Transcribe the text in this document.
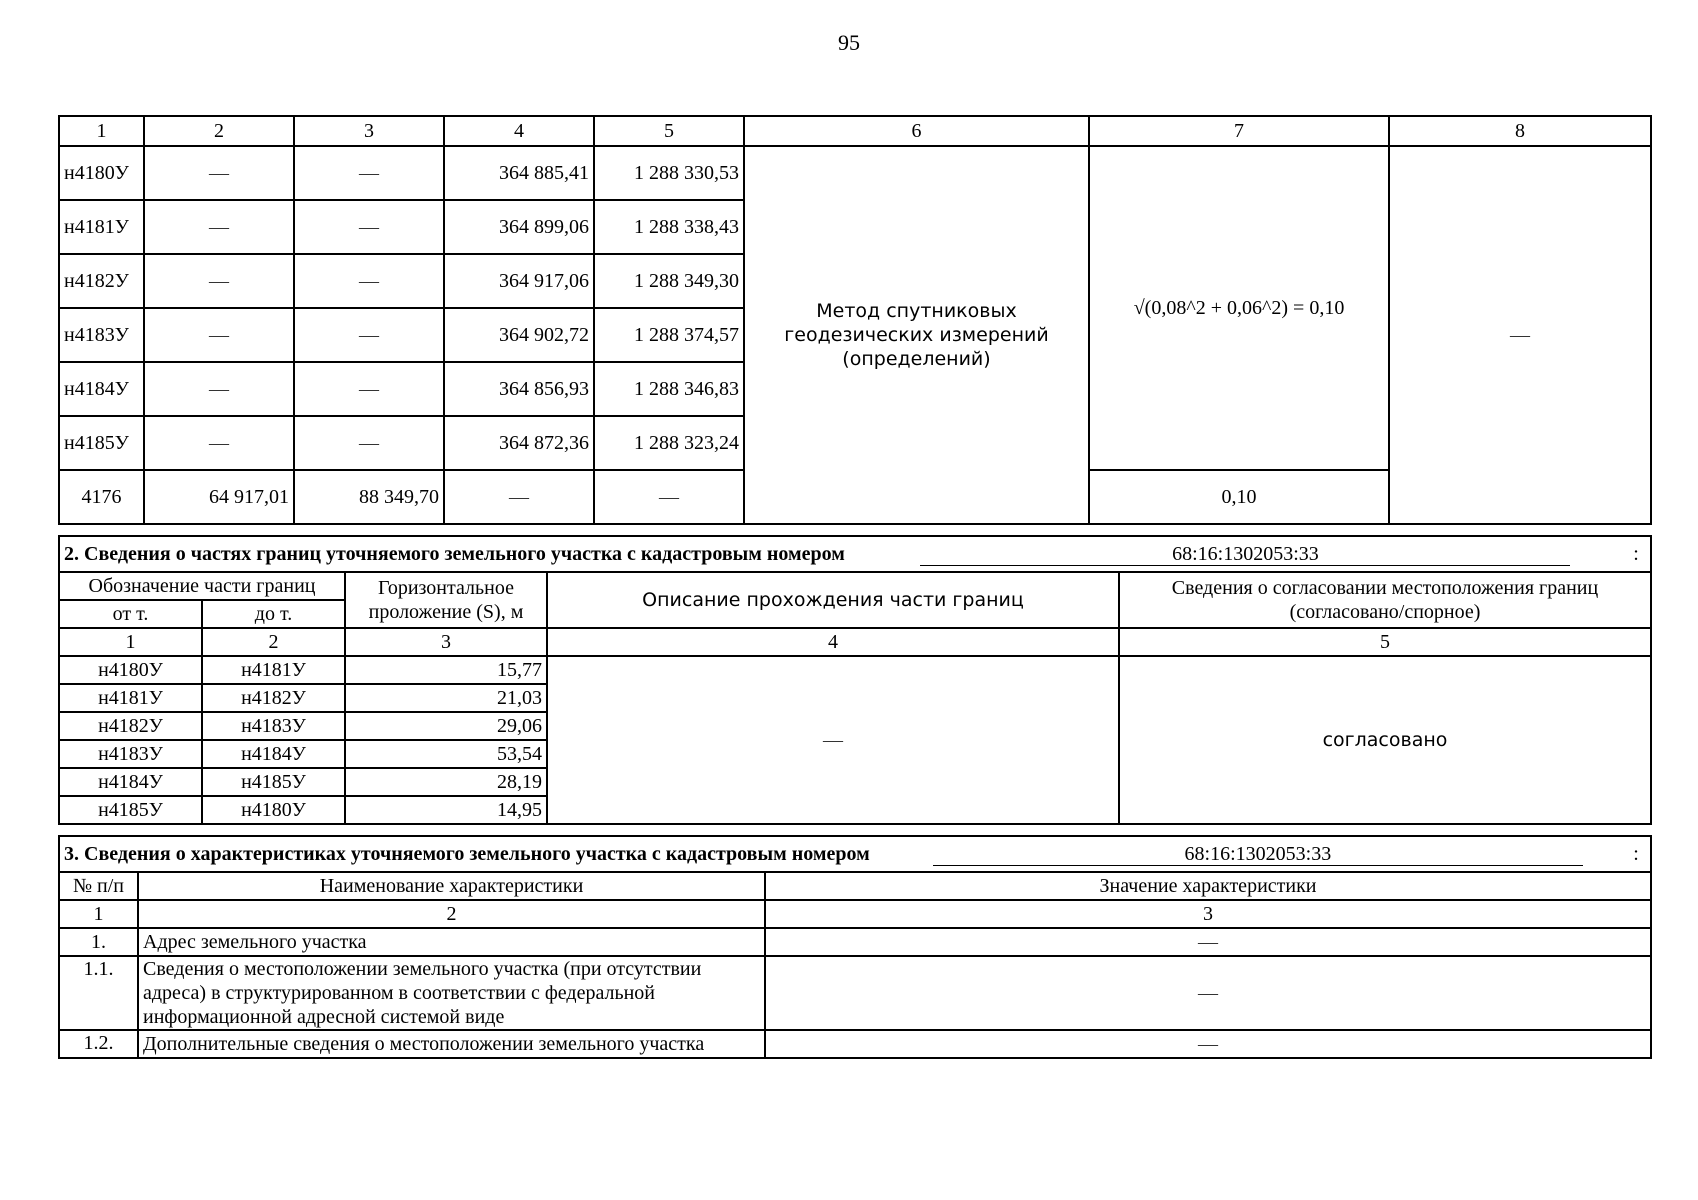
95
1	2	3	4	5	6	7	8
н4180У	—	—	364 885,41	1 288 330,53	Метод спутниковых геодезических измерений (определений)	√(0,08^2 + 0,06^2) = 0,10	—
н4181У	—	—	364 899,06	1 288 338,43			
н4182У	—	—	364 917,06	1 288 349,30			
н4183У	—	—	364 902,72	1 288 374,57			
н4184У	—	—	364 856,93	1 288 346,83			
н4185У	—	—	364 872,36	1 288 323,24			
4176	64 917,01	88 349,70	—	—		0,10	
2. Сведения о частях границ уточняемого земельного участка с кадастровым номером 68:16:1302053:33 :				

Обозначение части границ		Горизонтальное проложение (S), м	Описание прохождения части границ	Сведения о согласовании местоположения границ (согласовано/спорное)
от т.	до т.			
1	2	3	4	5
н4180У	н4181У	15,77	—	согласовано
н4181У	н4182У	21,03		
н4182У	н4183У	29,06		
н4183У	н4184У	53,54		
н4184У	н4185У	28,19		
н4185У	н4180У	14,95		
3. Сведения о характеристиках уточняемого земельного участка с кадастровым номером 68:16:1302053:33 :		

№ п/п	Наименование характеристики	Значение характеристики
1	2	3
1.	Адрес земельного участка	—
1.1.	Сведения о местоположении земельного участка (при отсутствии адреса) в структурированном в соответствии с федеральной информационной адресной системой виде	—
1.2.	Дополнительные сведения о местоположении земельного участка	—
